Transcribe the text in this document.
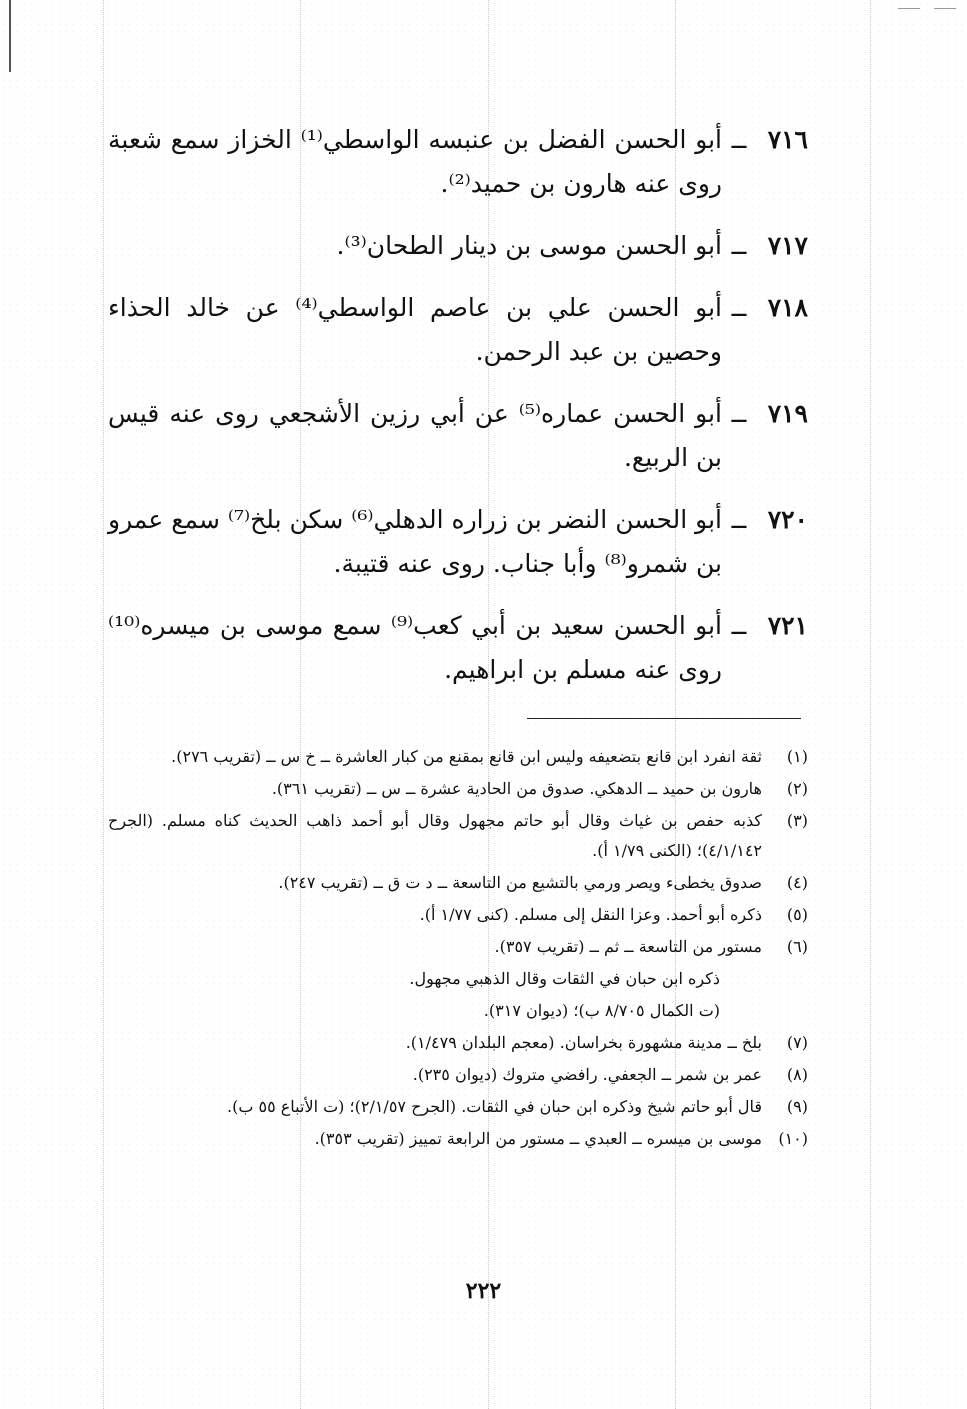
٧١٦
ــ
أبو الحسن الفضل بن عنبسه الواسطي⁽¹⁾ الخزاز سمع شعبة روى عنه هارون بن حميد⁽²⁾.
٧١٧
ــ
أبو الحسن موسى بن دينار الطحان⁽³⁾.
٧١٨
ــ
أبو الحسن علي بن عاصم الواسطي⁽⁴⁾ عن خالد الحذاء وحصين بن عبد الرحمن.
٧١٩
ــ
أبو الحسن عماره⁽⁵⁾ عن أبي رزين الأشجعي روى عنه قيس بن الربيع.
٧٢٠
ــ
أبو الحسن النضر بن زراره الدهلي⁽⁶⁾ سكن بلخ⁽⁷⁾ سمع عمرو بن شمرو⁽⁸⁾ وأبا جناب. روى عنه قتيبة.
٧٢١
ــ
أبو الحسن سعيد بن أبي كعب⁽⁹⁾ سمع موسى بن ميسره⁽¹⁰⁾ روى عنه مسلم بن ابراهيم.
(١)
ثقة انفرد ابن قانع بتضعيفه وليس ابن قانع بمقنع من كبار العاشرة ــ خ س ــ (تقريب ٢٧٦).
(٢)
هارون بن حميد ــ الدهكي. صدوق من الحادية عشرة ــ س ــ (تقريب ٣٦١).
(٣)
كذبه حفص بن غياث وقال أبو حاتم مجهول وقال أبو أحمد ذاهب الحديث كناه مسلم. (الجرح ٤/١/١٤٢)؛ (الكنى ١/٧٩ أ).
(٤)
صدوق يخطىء ويصر ورمي بالتشيع من التاسعة ــ د ت ق ــ (تقريب ٢٤٧).
(٥)
ذكره أبو أحمد. وعزا النقل إلى مسلم. (كنى ١/٧٧ أ).
(٦)
مستور من التاسعة ــ ثم ــ (تقريب ٣٥٧).
ذكره ابن حبان في الثقات وقال الذهبي مجهول.
(ت الكمال ٨/٧٠٥ ب)؛ (ديوان ٣١٧).
(٧)
بلخ ــ مدينة مشهورة بخراسان. (معجم البلدان ١/٤٧٩).
(٨)
عمر بن شمر ــ الجعفي. رافضي متروك (ديوان ٢٣٥).
(٩)
قال أبو حاتم شيخ وذكره ابن حبان في الثقات. (الجرح ٢/١/٥٧)؛ (ت الأتباع ٥٥ ب).
(١٠)
موسى بن ميسره ــ العبدي ــ مستور من الرابعة تمييز (تقريب ٣٥٣).
٢٢٢
